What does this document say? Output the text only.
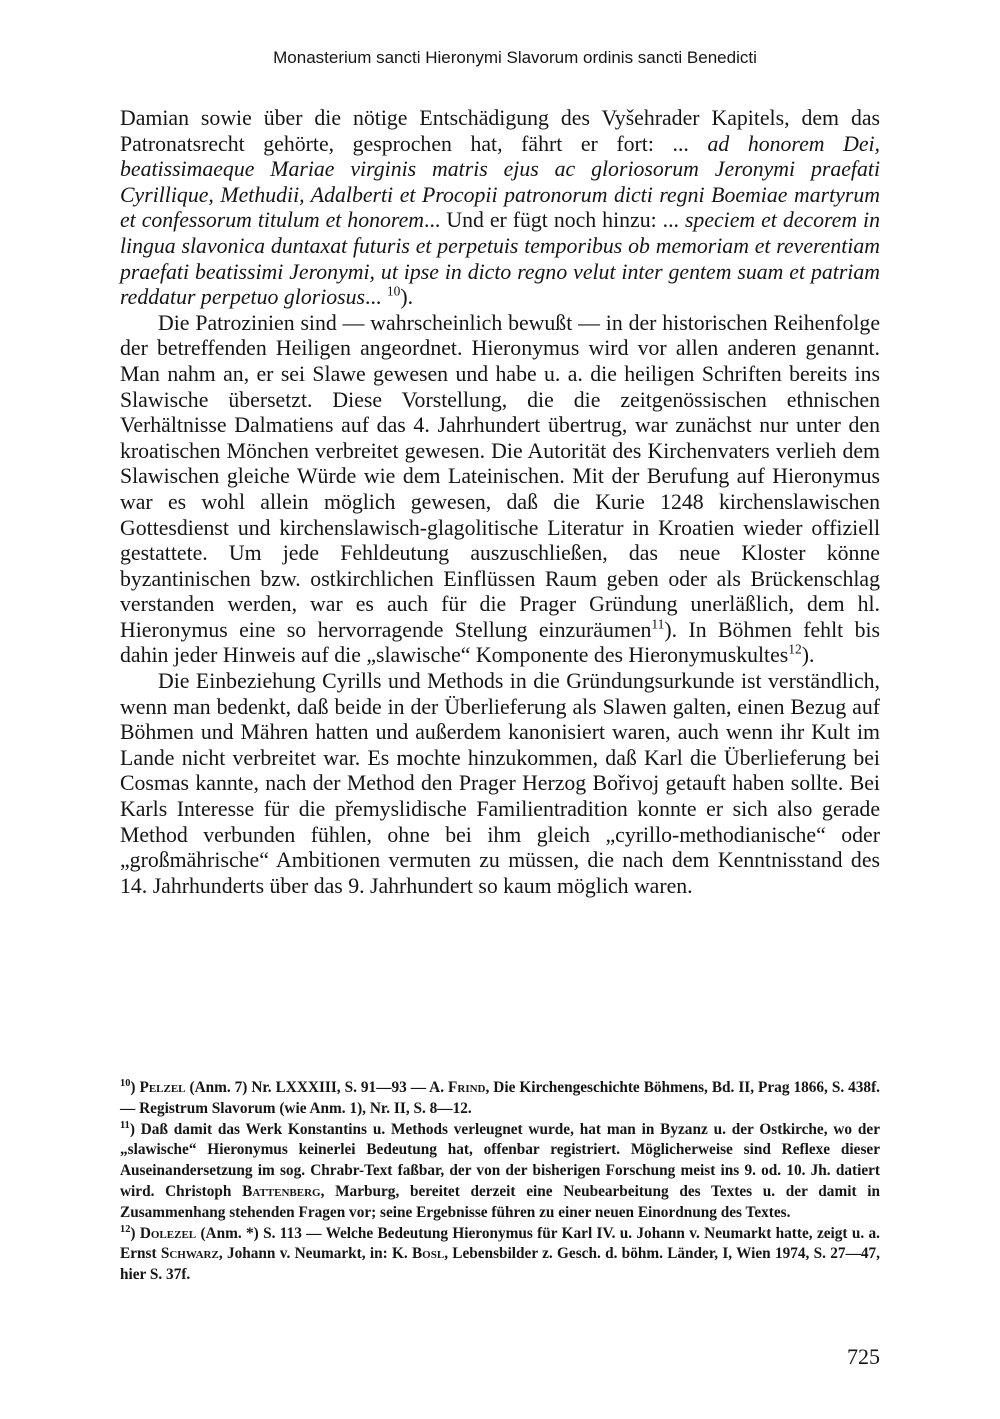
Monasterium sancti Hieronymi Slavorum ordinis sancti Benedicti

Damian sowie über die nötige Entschädigung des Vyšehrader Kapitels, dem das Patronatsrecht gehörte, gesprochen hat, fährt er fort: ... ad honorem Dei, beatissimaeque Mariae virginis matris ejus ac gloriosorum Jeronymi praefati Cyrillique, Methudii, Adalberti et Procopii patronorum dicti regni Boemiae martyrum et confessorum titulum et honorem... Und er fügt noch hinzu: ... speciem et decorem in lingua slavonica duntaxat futuris et perpetuis temporibus ob memoriam et reverentiam praefati beatissimi Jeronymi, ut ipse in dicto regno velut inter gentem suam et patriam reddatur perpetuo gloriosus... $^{10}$).

Die Patrozinien sind — wahrscheinlich bewußt — in der historischen Reihenfolge der betreffenden Heiligen angeordnet. Hieronymus wird vor allen anderen genannt. Man nahm an, er sei Slawe gewesen und habe u. a. die heiligen Schriften bereits ins Slawische übersetzt. Diese Vorstellung, die die zeitgenössischen ethnischen Verhältnisse Dalmatiens auf das 4. Jahrhundert übertrug, war zunächst nur unter den kroatischen Mönchen verbreitet gewesen. Die Autorität des Kirchenvaters verlieh dem Slawischen gleiche Würde wie dem Lateinischen. Mit der Berufung auf Hieronymus war es wohl allein möglich gewesen, daß die Kurie 1248 kirchenslawischen Gottesdienst und kirchenslawisch-glagolitische Literatur in Kroatien wieder offiziell gestattete. Um jede Fehldeutung auszuschließen, das neue Kloster könne byzantinischen bzw. ostkirchlichen Einflüssen Raum geben oder als Brückenschlag verstanden werden, war es auch für die Prager Gründung unerläßlich, dem hl. Hieronymus eine so hervorragende Stellung einzuräumen$^{11}$). In Böhmen fehlt bis dahin jeder Hinweis auf die „slawische“ Komponente des Hieronymuskultes$^{12}$).

Die Einbeziehung Cyrills und Methods in die Gründungsurkunde ist verständlich, wenn man bedenkt, daß beide in der Überlieferung als Slawen galten, einen Bezug auf Böhmen und Mähren hatten und außerdem kanonisiert waren, auch wenn ihr Kult im Lande nicht verbreitet war. Es mochte hinzukommen, daß Karl die Überlieferung bei Cosmas kannte, nach der Method den Prager Herzog Bořivoj getauft haben sollte. Bei Karls Interesse für die přemyslidische Familientradition konnte er sich also gerade Method verbunden fühlen, ohne bei ihm gleich „cyrillo-methodianische“ oder „großmährische“ Ambitionen vermuten zu müssen, die nach dem Kenntnisstand des 14. Jahrhunderts über das 9. Jahrhundert so kaum möglich waren.

$^{10}$) Pelzel (Anm. 7) Nr. LXXXIII, S. 91—93 — A. Frind, Die Kirchengeschichte Böhmens, Bd. II, Prag 1866, S. 438f. — Registrum Slavorum (wie Anm. 1), Nr. II, S. 8—12.

$^{11}$) Daß damit das Werk Konstantins u. Methods verleugnet wurde, hat man in Byzanz u. der Ostkirche, wo der „slawische“ Hieronymus keinerlei Bedeutung hat, offenbar registriert. Möglicherweise sind Reflexe dieser Auseinandersetzung im sog. Chrabr-Text faßbar, der von der bisherigen Forschung meist ins 9. od. 10. Jh. datiert wird. Christoph Battenberg, Marburg, bereitet derzeit eine Neubearbeitung des Textes u. der damit in Zusammenhang stehenden Fragen vor; seine Ergebnisse führen zu einer neuen Einordnung des Textes.

$^{12}$) Dolezel (Anm. *) S. 113 — Welche Bedeutung Hieronymus für Karl IV. u. Johann v. Neumarkt hatte, zeigt u. a. Ernst Schwarz, Johann v. Neumarkt, in: K. Bosl, Lebensbilder z. Gesch. d. böhm. Länder, I, Wien 1974, S. 27—47, hier S. 37f.

725
